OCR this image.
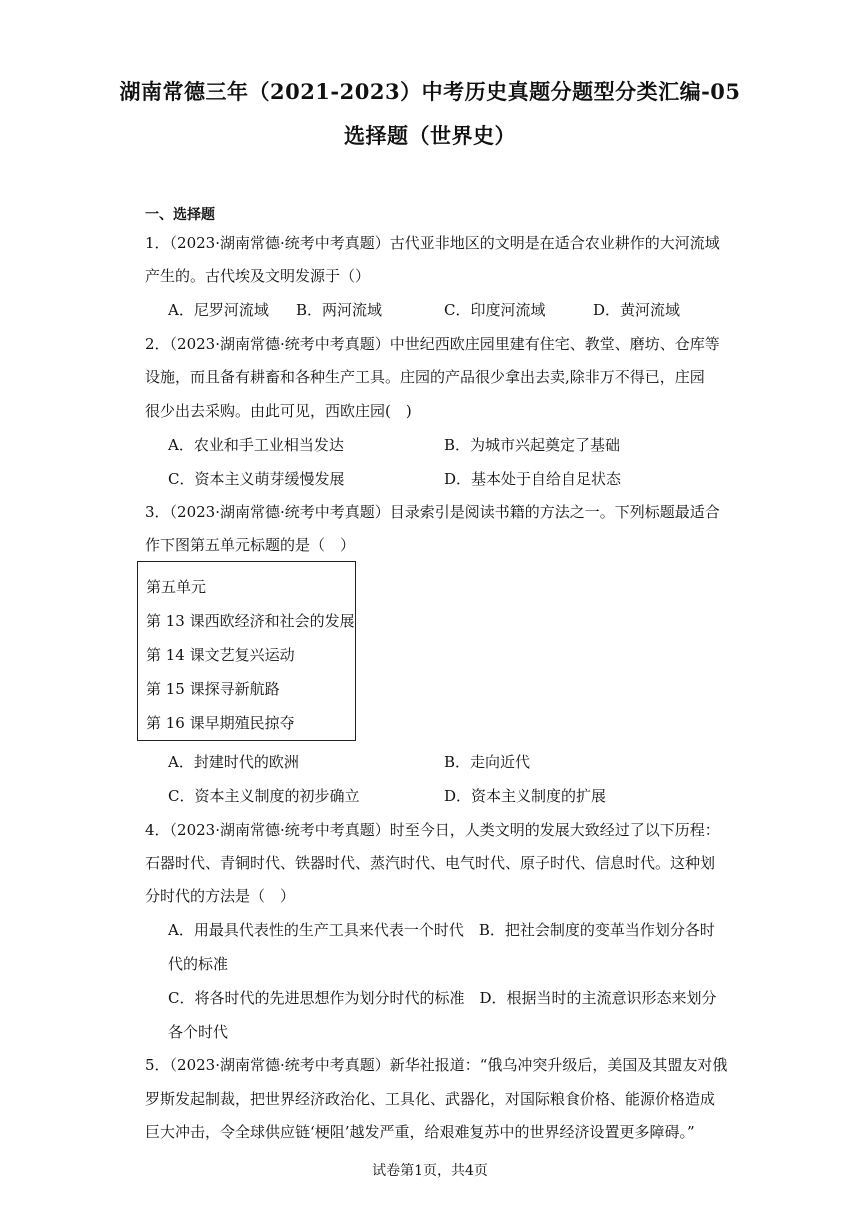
湖南常德三年（2021-2023）中考历史真题分题型分类汇编-05
选择题（世界史）
一、选择题
1．（2023·湖南常德·统考中考真题）古代亚非地区的文明是在适合农业耕作的大河流域
产生的。古代埃及文明发源于（）
A．尼罗河流域 B．两河流域	C．印度河流域	D．黄河流域
2．（2023·湖南常德·统考中考真题）中世纪西欧庄园里建有住宅、教堂、磨坊、仓库等
设施，而且备有耕畜和各种生产工具。庄园的产品很少拿出去卖,除非万不得已，庄园
很少出去采购。由此可见，西欧庄园(　)
A．农业和手工业相当发达	B．为城市兴起奠定了基础
C．资本主义萌芽缓慢发展	D．基本处于自给自足状态
3．（2023·湖南常德·统考中考真题）目录索引是阅读书籍的方法之一。下列标题最适合
作下图第五单元标题的是（　）
第五单元
第 13 课西欧经济和社会的发展
第 14 课文艺复兴运动
第 15 课探寻新航路
第 16 课早期殖民掠夺
A．封建时代的欧洲	B．走向近代
C．资本主义制度的初步确立	D．资本主义制度的扩展
4．（2023·湖南常德·统考中考真题）时至今日，人类文明的发展大致经过了以下历程：
石器时代、青铜时代、铁器时代、蒸汽时代、电气时代、原子时代、信息时代。这种划
分时代的方法是（　）
A．用最具代表性的生产工具来代表一个时代　B．把社会制度的变革当作划分各时
代的标准
C．将各时代的先进思想作为划分时代的标准　D．根据当时的主流意识形态来划分
各个时代
5．（2023·湖南常德·统考中考真题）新华社报道：“俄乌冲突升级后，美国及其盟友对俄
罗斯发起制裁，把世界经济政治化、工具化、武器化，对国际粮食价格、能源价格造成
巨大冲击，令全球供应链‘梗阻’越发严重，给艰难复苏中的世界经济设置更多障碍。”
试卷第1页，共4页
